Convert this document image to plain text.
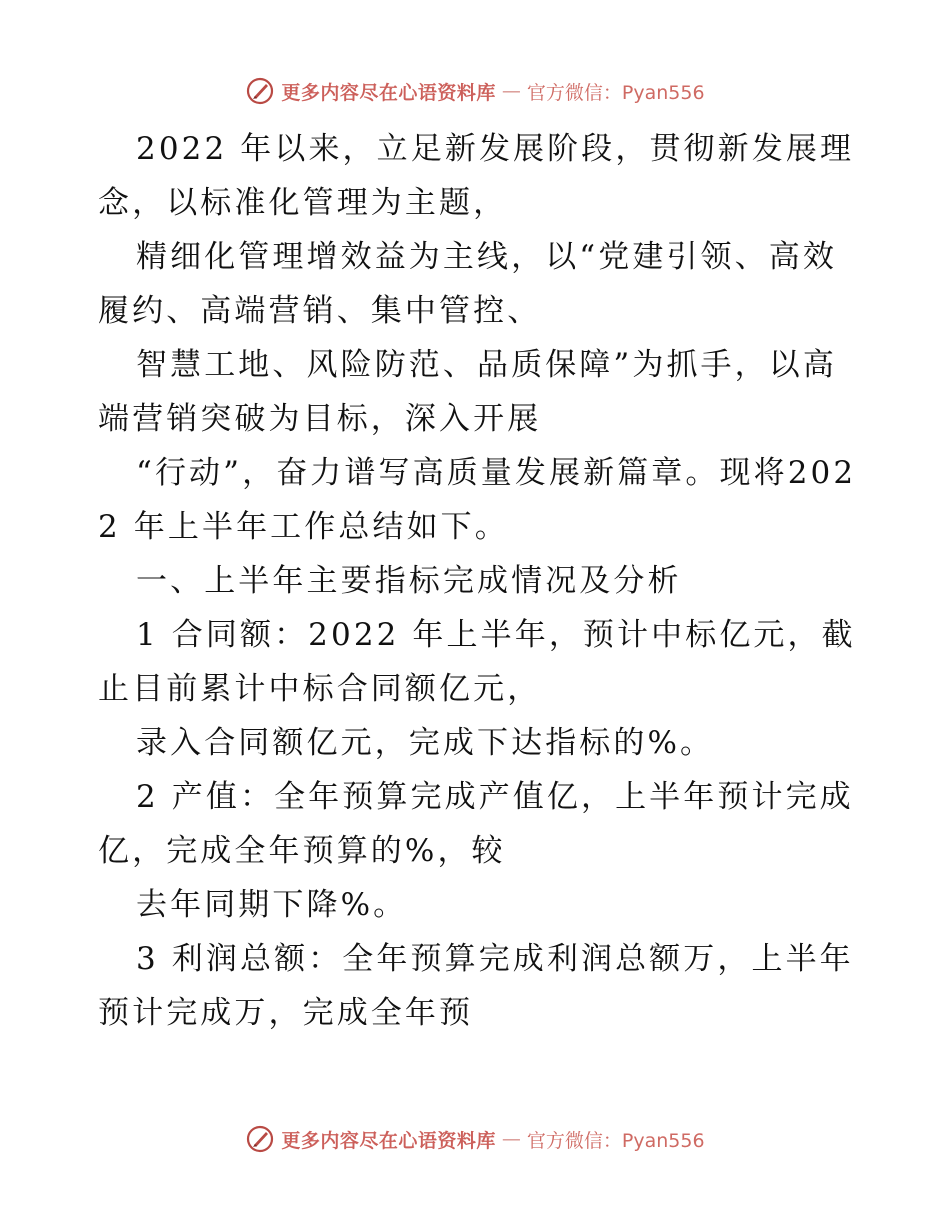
更多内容尽在心语资料库 — 官方微信：Pyan556

2022 年以来，立足新发展阶段，贯彻新发展理念，以标准化管理为主题，

精细化管理增效益为主线，以“党建引领、高效履约、高端营销、集中管控、

智慧工地、风险防范、品质保障”为抓手，以高端营销突破为目标，深入开展

“行动”，奋力谱写高质量发展新篇章。现将2022 年上半年工作总结如下。

一、上半年主要指标完成情况及分析

1 合同额：2022 年上半年，预计中标亿元，截止目前累计中标合同额亿元，

录入合同额亿元，完成下达指标的%。

2 产值：全年预算完成产值亿，上半年预计完成亿，完成全年预算的%，较

去年同期下降%。

3 利润总额：全年预算完成利润总额万，上半年预计完成万，完成全年预

更多内容尽在心语资料库 — 官方微信：Pyan556
